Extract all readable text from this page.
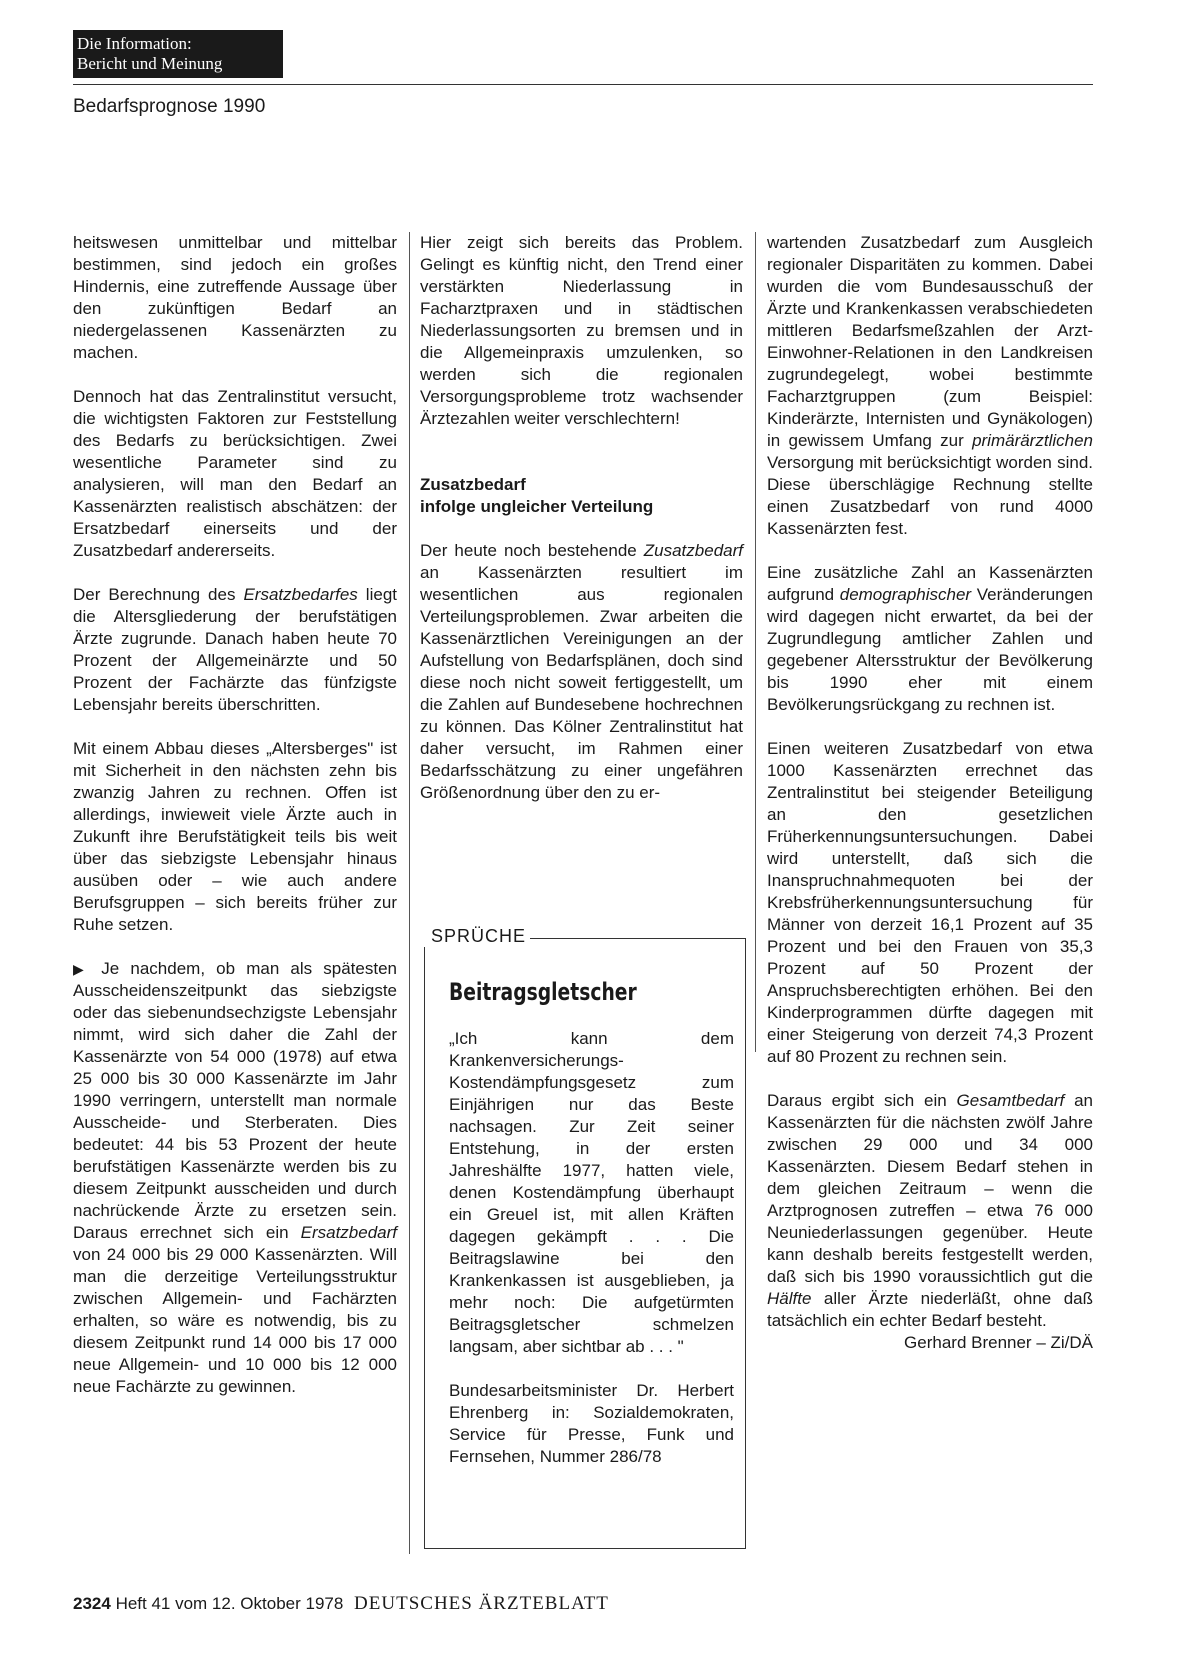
Die Information:
Bericht und Meinung
Bedarfsprognose 1990

heitswesen unmittelbar und mittelbar bestimmen, sind jedoch ein großes Hindernis, eine zutreffende Aussage über den zukünftigen Bedarf an niedergelassenen Kassenärzten zu machen.

Dennoch hat das Zentralinstitut versucht, die wichtigsten Faktoren zur Feststellung des Bedarfs zu berücksichtigen. Zwei wesentliche Parameter sind zu analysieren, will man den Bedarf an Kassenärzten realistisch abschätzen: der Ersatzbedarf einerseits und der Zusatzbedarf andererseits.

Der Berechnung des Ersatzbedarfes liegt die Altersgliederung der berufstätigen Ärzte zugrunde. Danach haben heute 70 Prozent der Allgemeinärzte und 50 Prozent der Fachärzte das fünfzigste Lebensjahr bereits überschritten.

Mit einem Abbau dieses „Altersberges" ist mit Sicherheit in den nächsten zehn bis zwanzig Jahren zu rechnen. Offen ist allerdings, inwieweit viele Ärzte auch in Zukunft ihre Berufstätigkeit teils bis weit über das siebzigste Lebensjahr hinaus ausüben oder – wie auch andere Berufsgruppen – sich bereits früher zur Ruhe setzen.

▶ Je nachdem, ob man als spätesten Ausscheidenszeitpunkt das siebzigste oder das siebenundsechzigste Lebensjahr nimmt, wird sich daher die Zahl der Kassenärzte von 54 000 (1978) auf etwa 25 000 bis 30 000 Kassenärzte im Jahr 1990 verringern, unterstellt man normale Ausscheide- und Sterberaten. Dies bedeutet: 44 bis 53 Prozent der heute berufstätigen Kassenärzte werden bis zu diesem Zeitpunkt ausscheiden und durch nachrückende Ärzte zu ersetzen sein. Daraus errechnet sich ein Ersatzbedarf von 24 000 bis 29 000 Kassenärzten. Will man die derzeitige Verteilungsstruktur zwischen Allgemein- und Fachärzten erhalten, so wäre es notwendig, bis zu diesem Zeitpunkt rund 14 000 bis 17 000 neue Allgemein- und 10 000 bis 12 000 neue Fachärzte zu gewinnen.

Hier zeigt sich bereits das Problem. Gelingt es künftig nicht, den Trend einer verstärkten Niederlassung in Facharztpraxen und in städtischen Niederlassungsorten zu bremsen und in die Allgemeinpraxis umzulenken, so werden sich die regionalen Versorgungsprobleme trotz wachsender Ärztezahlen weiter verschlechtern!

Zusatzbedarf
infolge ungleicher Verteilung

Der heute noch bestehende Zusatzbedarf an Kassenärzten resultiert im wesentlichen aus regionalen Verteilungsproblemen. Zwar arbeiten die Kassenärztlichen Vereinigungen an der Aufstellung von Bedarfsplänen, doch sind diese noch nicht soweit fertiggestellt, um die Zahlen auf Bundesebene hochrechnen zu können. Das Kölner Zentralinstitut hat daher versucht, im Rahmen einer Bedarfsschätzung zu einer ungefähren Größenordnung über den zu er-

SPRÜCHE
Beitragsgletscher

„Ich kann dem Krankenversicherungs-Kostendämpfungsgesetz zum Einjährigen nur das Beste nachsagen. Zur Zeit seiner Entstehung, in der ersten Jahreshälfte 1977, hatten viele, denen Kostendämpfung überhaupt ein Greuel ist, mit allen Kräften dagegen gekämpft . . . Die Beitragslawine bei den Krankenkassen ist ausgeblieben, ja mehr noch: Die aufgetürmten Beitragsgletscher schmelzen langsam, aber sichtbar ab . . . "

Bundesarbeitsminister Dr. Herbert Ehrenberg in: Sozialdemokraten, Service für Presse, Funk und Fernsehen, Nummer 286/78

wartenden Zusatzbedarf zum Ausgleich regionaler Disparitäten zu kommen. Dabei wurden die vom Bundesausschuß der Ärzte und Krankenkassen verabschiedeten mittleren Bedarfsmeßzahlen der Arzt-Einwohner-Relationen in den Landkreisen zugrundegelegt, wobei bestimmte Facharztgruppen (zum Beispiel: Kinderärzte, Internisten und Gynäkologen) in gewissem Umfang zur primärärztlichen Versorgung mit berücksichtigt worden sind. Diese überschlägige Rechnung stellte einen Zusatzbedarf von rund 4000 Kassenärzten fest.

Eine zusätzliche Zahl an Kassenärzten aufgrund demographischer Veränderungen wird dagegen nicht erwartet, da bei der Zugrundlegung amtlicher Zahlen und gegebener Altersstruktur der Bevölkerung bis 1990 eher mit einem Bevölkerungsrückgang zu rechnen ist.

Einen weiteren Zusatzbedarf von etwa 1000 Kassenärzten errechnet das Zentralinstitut bei steigender Beteiligung an den gesetzlichen Früherkennungsuntersuchungen. Dabei wird unterstellt, daß sich die Inanspruchnahmequoten bei der Krebsfrüherkennungsuntersuchung für Männer von derzeit 16,1 Prozent auf 35 Prozent und bei den Frauen von 35,3 Prozent auf 50 Prozent der Anspruchsberechtigten erhöhen. Bei den Kinderprogrammen dürfte dagegen mit einer Steigerung von derzeit 74,3 Prozent auf 80 Prozent zu rechnen sein.

Daraus ergibt sich ein Gesamtbedarf an Kassenärzten für die nächsten zwölf Jahre zwischen 29 000 und 34 000 Kassenärzten. Diesem Bedarf stehen in dem gleichen Zeitraum – wenn die Arztprognosen zutreffen – etwa 76 000 Neuniederlassungen gegenüber. Heute kann deshalb bereits festgestellt werden, daß sich bis 1990 voraussichtlich gut die Hälfte aller Ärzte niederläßt, ohne daß tatsächlich ein echter Bedarf besteht.

Gerhard Brenner – Zi/DÄ
2324 Heft 41 vom 12. Oktober 1978 DEUTSCHES ÄRZTEBLATT
